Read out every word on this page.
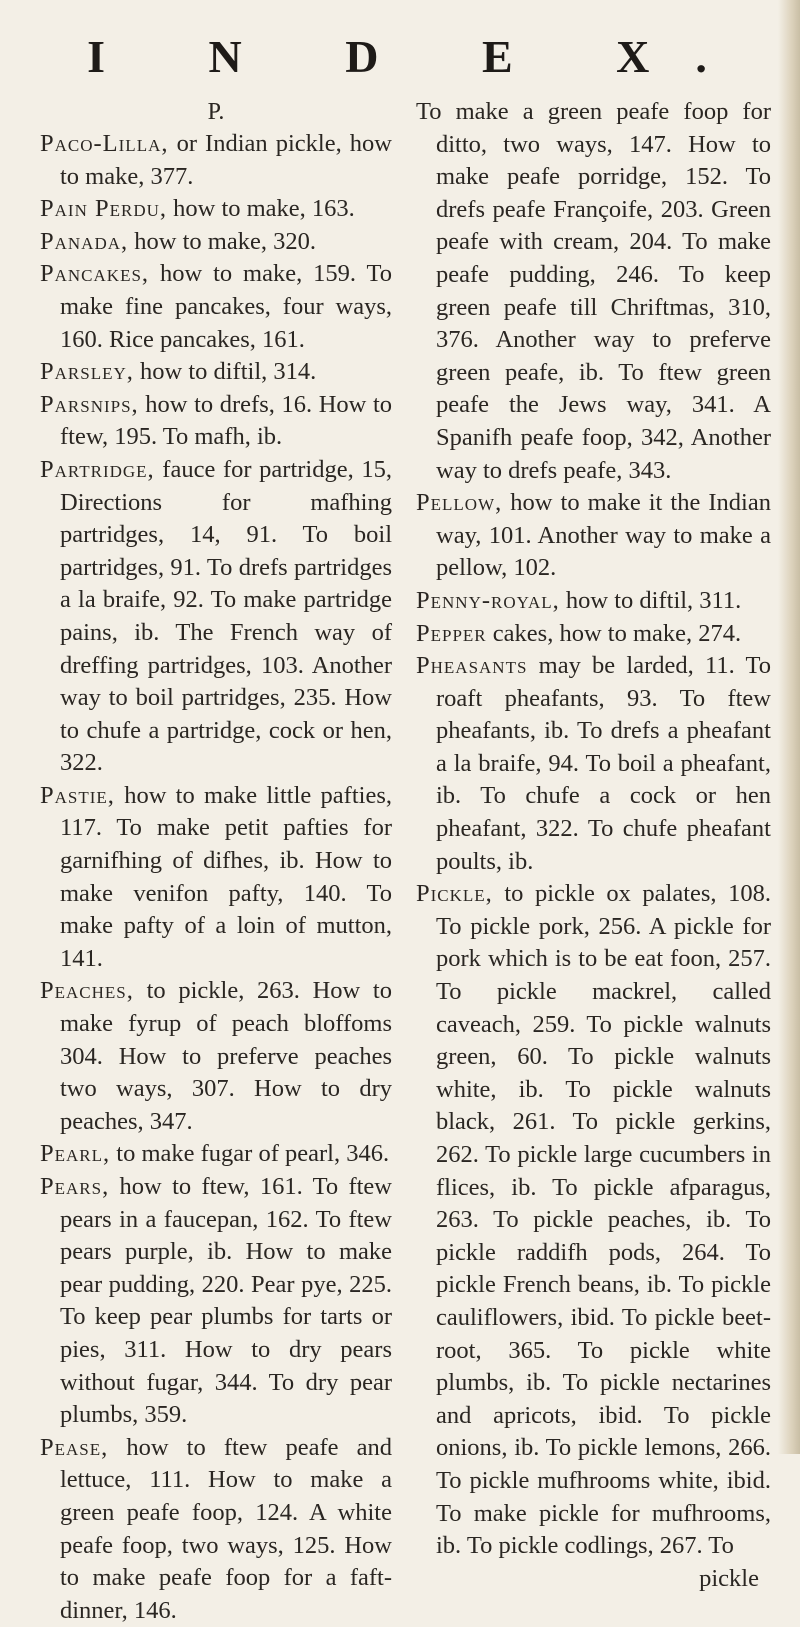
I N D E X.
P.

Paco-Lilla, or Indian pickle, how to make, 377.

Pain Perdu, how to make, 163.

Panada, how to make, 320.

Pancakes, how to make, 159. To make fine pancakes, four ways, 160. Rice pancakes, 161.

Parsley, how to diftil, 314.

Parsnips, how to drefs, 16. How to ftew, 195. To mafh, ib.

Partridge, fauce for partridge, 15, Directions for mafhing partridges, 14, 91. To boil partridges, 91. To drefs partridges a la braife, 92. To make partridge pains, ib. The French way of dreffing partridges, 103. Another way to boil partridges, 235. How to chufe a partridge, cock or hen, 322.

Pastie, how to make little pafties, 117. To make petit pafties for garnifhing of difhes, ib. How to make venifon pafty, 140. To make pafty of a loin of mutton, 141.

Peaches, to pickle, 263. How to make fyrup of peach bloffoms 304. How to preferve peaches two ways, 307. How to dry peaches, 347.

Pearl, to make fugar of pearl, 346.

Pears, how to ftew, 161. To ftew pears in a faucepan, 162. To ftew pears purple, ib. How to make pear pudding, 220. Pear pye, 225. To keep pear plumbs for tarts or pies, 311. How to dry pears without fugar, 344. To dry pear plumbs, 359.

Pease, how to ftew peafe and lettuce, 111. How to make a green peafe foop, 124. A white peafe foop, two ways, 125. How to make peafe foop for a faft-dinner, 146.

To make a green peafe foop for ditto, two ways, 147. How to make peafe porridge, 152. To drefs peafe Françoife, 203. Green peafe with cream, 204. To make peafe pudding, 246. To keep green peafe till Chriftmas, 310, 376. Another way to preferve green peafe, ib. To ftew green peafe the Jews way, 341. A Spanifh peafe foop, 342, Another way to drefs peafe, 343.

Pellow, how to make it the Indian way, 101. Another way to make a pellow, 102.

Penny-royal, how to diftil, 311.

Pepper cakes, how to make, 274.

Pheasants may be larded, 11. To roaft pheafants, 93. To ftew pheafants, ib. To drefs a pheafant a la braife, 94. To boil a pheafant, ib. To chufe a cock or hen pheafant, 322. To chufe pheafant poults, ib.

Pickle, to pickle ox palates, 108. To pickle pork, 256. A pickle for pork which is to be eat foon, 257. To pickle mackrel, called caveach, 259. To pickle walnuts green, 60. To pickle walnuts white, ib. To pickle walnuts black, 261. To pickle gerkins, 262. To pickle large cucumbers in flices, ib. To pickle afparagus, 263. To pickle peaches, ib. To pickle raddifh pods, 264. To pickle French beans, ib. To pickle cauliflowers, ibid. To pickle beet-root, 365. To pickle white plumbs, ib. To pickle nectarines and apricots, ibid. To pickle onions, ib. To pickle lemons, 266. To pickle mufhrooms white, ibid. To make pickle for mufhrooms, ib. To pickle codlings, 267. To

pickle
